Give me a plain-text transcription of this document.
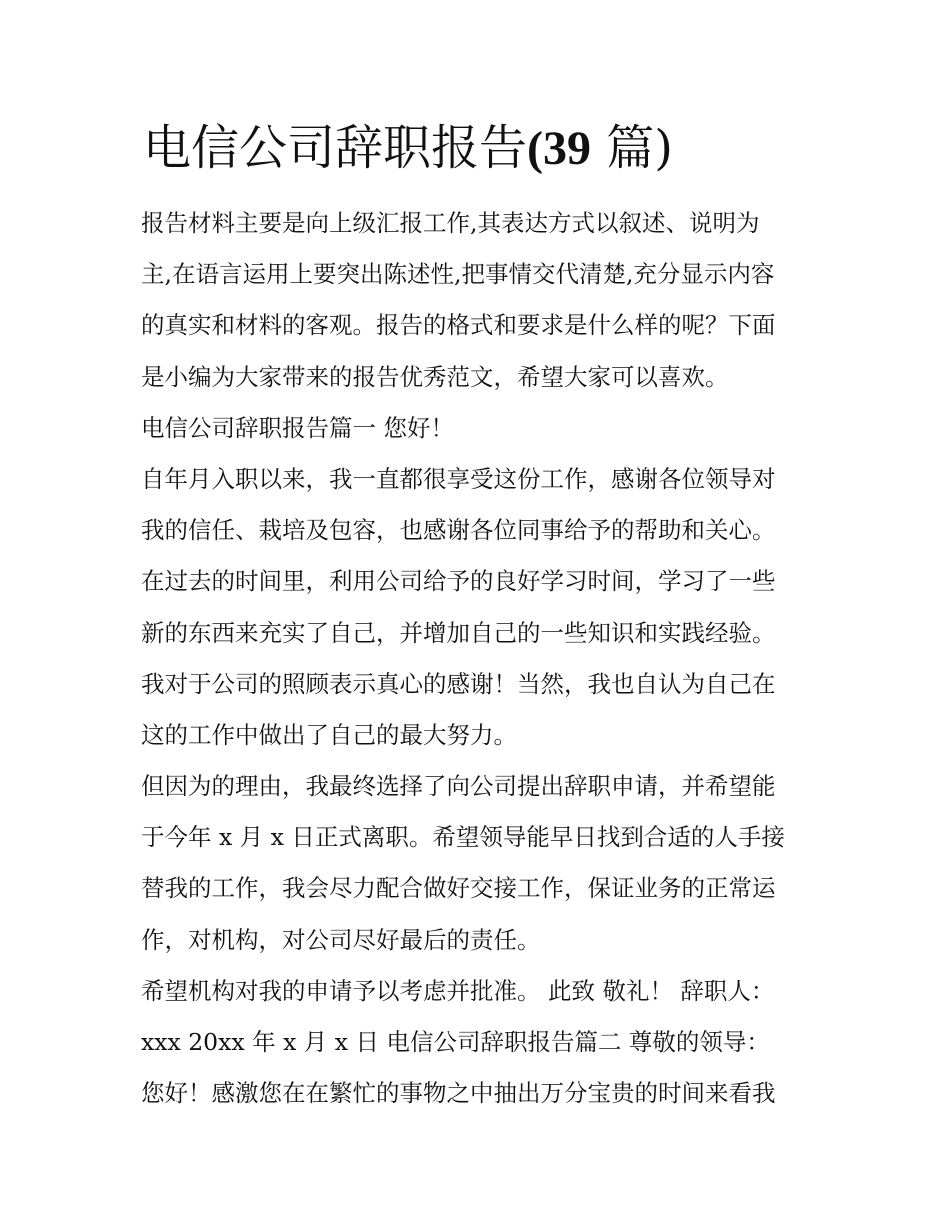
电信公司辞职报告(39 篇)
报告材料主要是向上级汇报工作,其表达方式以叙述、说明为
主,在语言运用上要突出陈述性,把事情交代清楚,充分显示内容
的真实和材料的客观。报告的格式和要求是什么样的呢？下面
是小编为大家带来的报告优秀范文，希望大家可以喜欢。
电信公司辞职报告篇一 您好！
自年月入职以来，我一直都很享受这份工作，感谢各位领导对
我的信任、栽培及包容，也感谢各位同事给予的帮助和关心。
在过去的时间里，利用公司给予的良好学习时间，学习了一些
新的东西来充实了自己，并增加自己的一些知识和实践经验。
我对于公司的照顾表示真心的感谢！当然，我也自认为自己在
这的工作中做出了自己的最大努力。
但因为的理由，我最终选择了向公司提出辞职申请，并希望能
于今年 x 月 x 日正式离职。希望领导能早日找到合适的人手接
替我的工作，我会尽力配合做好交接工作，保证业务的正常运
作，对机构，对公司尽好最后的责任。
希望机构对我的申请予以考虑并批准。 此致 敬礼！ 辞职人：
xxx 20xx 年 x 月 x 日 电信公司辞职报告篇二 尊敬的领导：
您好！感激您在在繁忙的事物之中抽出万分宝贵的时间来看我
